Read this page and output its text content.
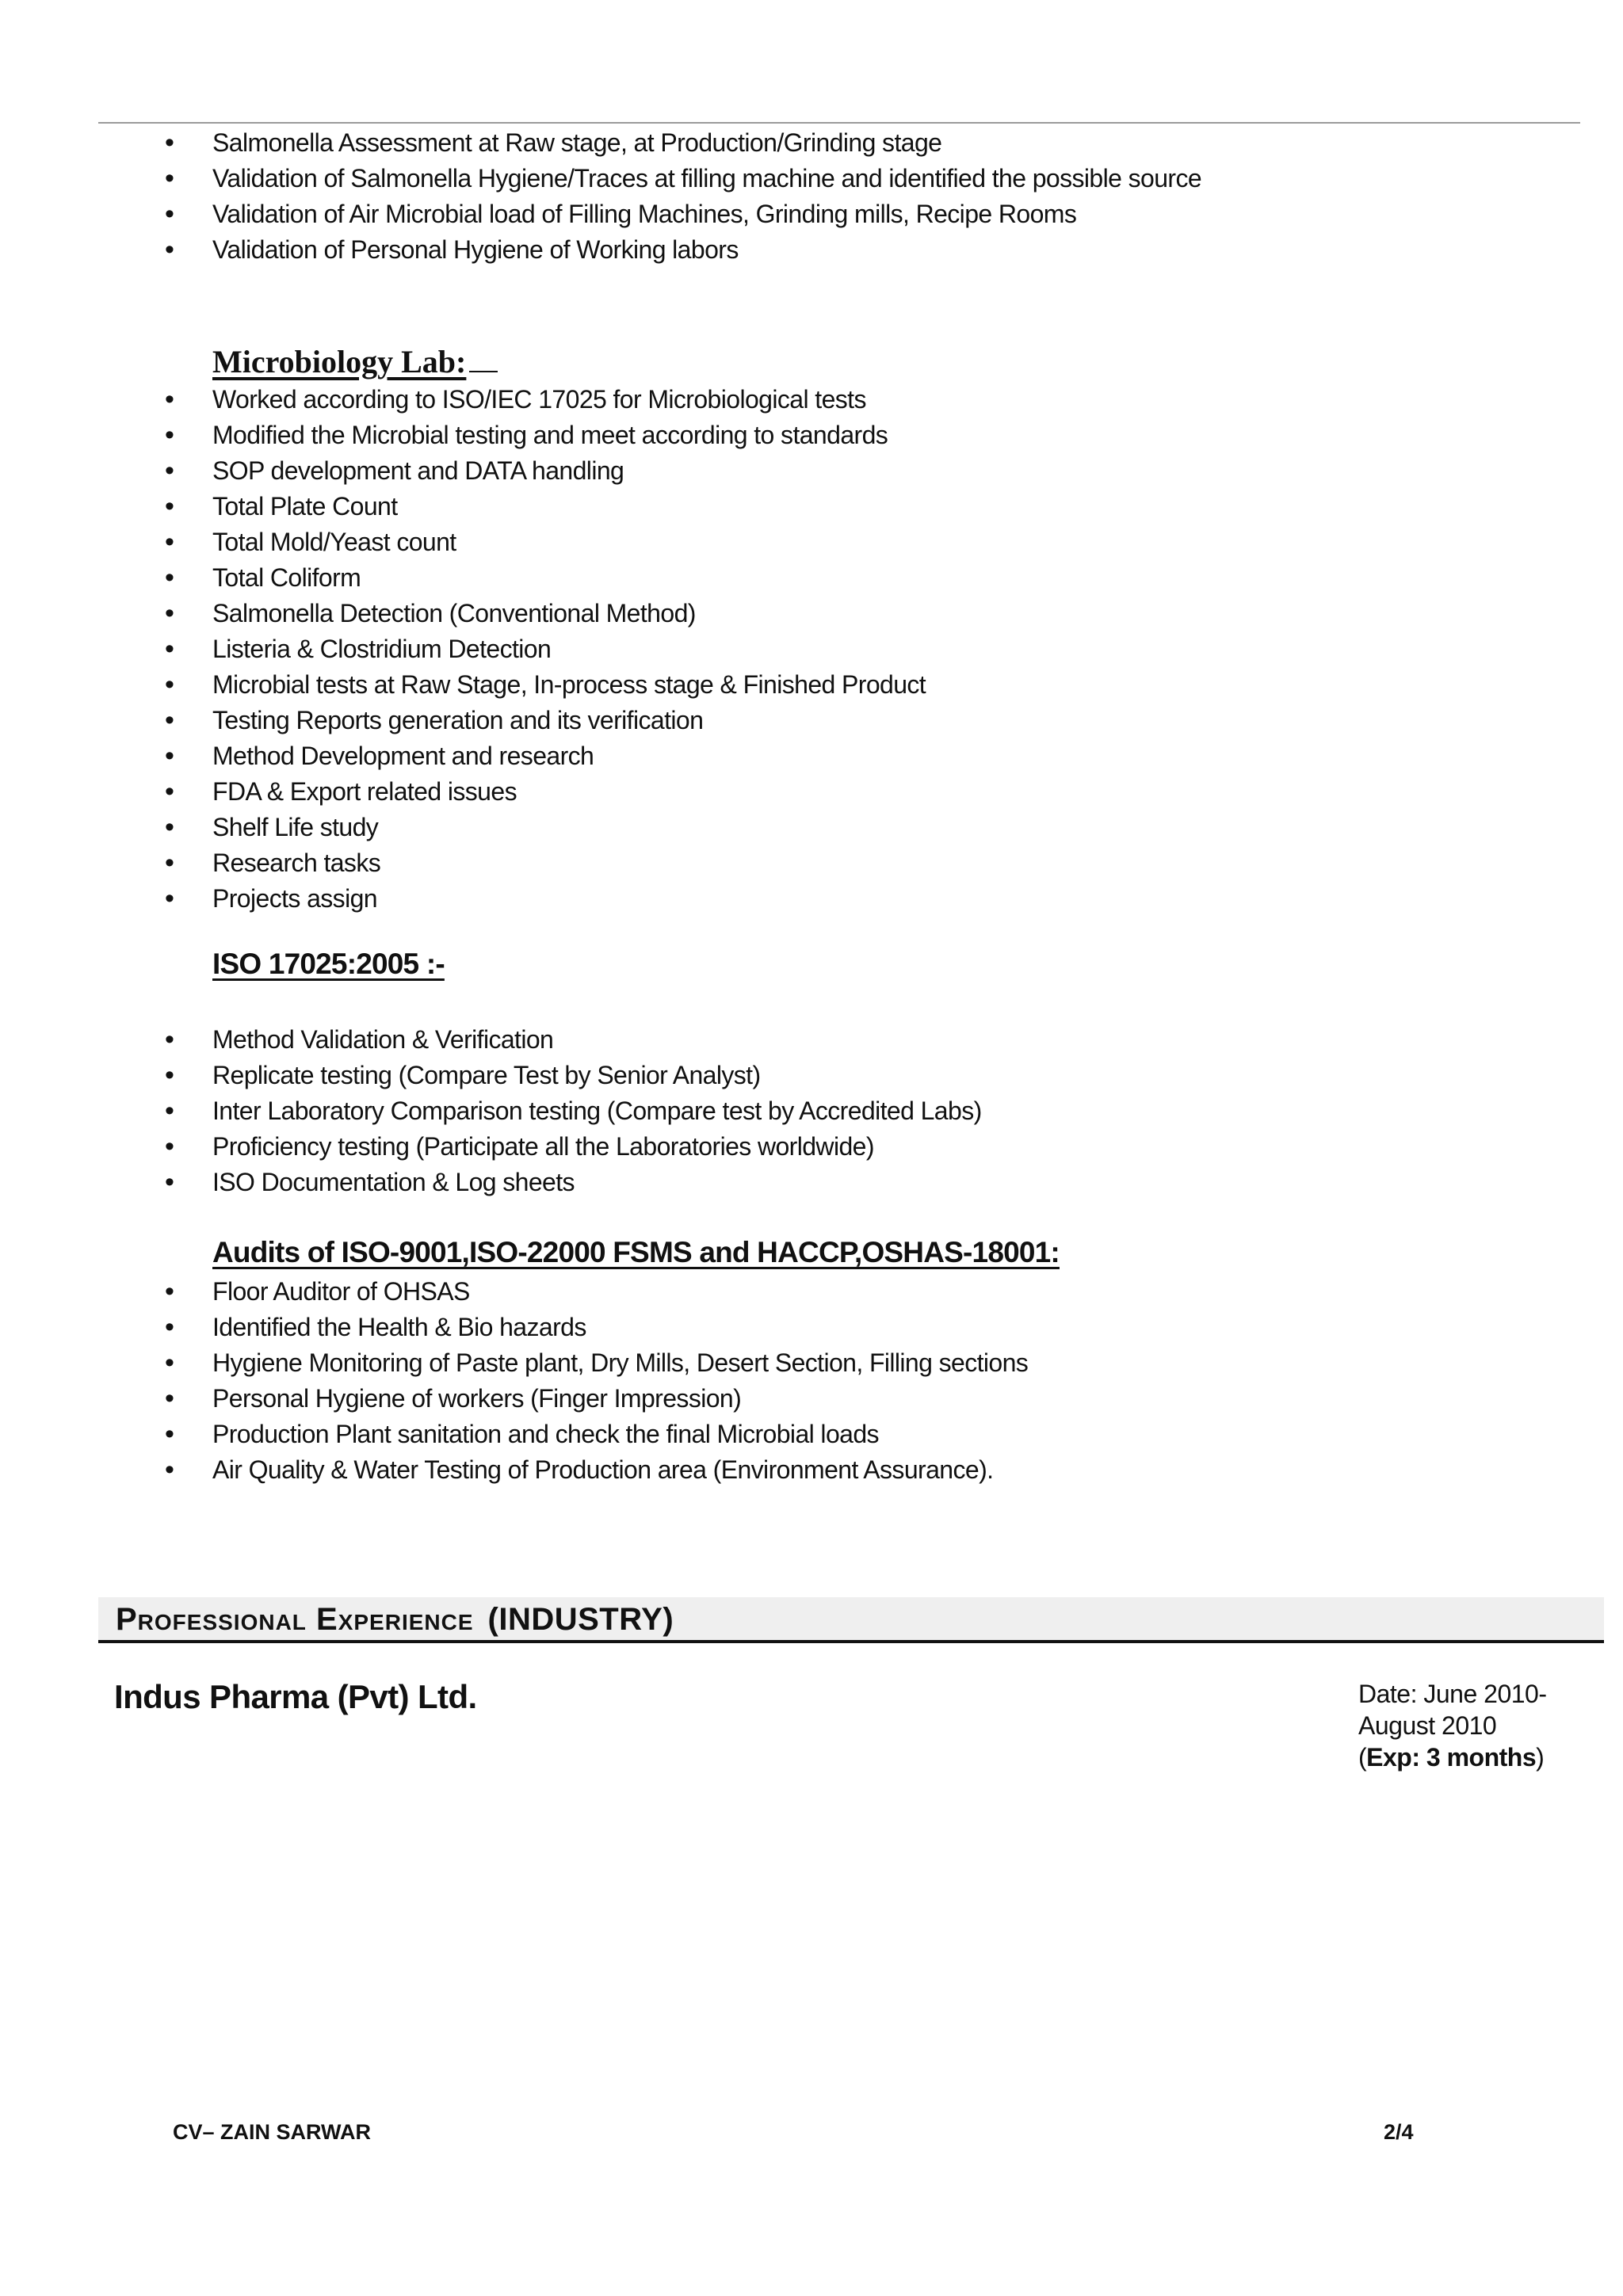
• Salmonella Assessment at Raw stage, at Production/Grinding stage
• Validation of Salmonella Hygiene/Traces at filling machine and identified the possible source
• Validation of Air Microbial load of Filling Machines, Grinding mills, Recipe Rooms
• Validation of Personal Hygiene of Working labors
Microbiology Lab:
• Worked according to ISO/IEC 17025 for Microbiological tests
• Modified the Microbial testing and meet according to standards
• SOP development and DATA handling
• Total Plate Count
• Total Mold/Yeast count
• Total Coliform
• Salmonella Detection (Conventional Method)
• Listeria & Clostridium Detection
• Microbial tests at Raw Stage, In-process stage & Finished Product
• Testing Reports generation and its verification
• Method Development and research
• FDA & Export related issues
• Shelf Life study
• Research tasks
• Projects assign
ISO 17025:2005 :-
• Method Validation & Verification
• Replicate testing (Compare Test by Senior Analyst)
• Inter Laboratory Comparison testing (Compare test by Accredited Labs)
• Proficiency testing (Participate all the Laboratories worldwide)
• ISO Documentation & Log sheets
Audits of ISO-9001,ISO-22000 FSMS and HACCP,OSHAS-18001:
• Floor Auditor of OHSAS
• Identified the Health & Bio hazards
• Hygiene Monitoring of Paste plant, Dry Mills, Desert Section, Filling sections
• Personal Hygiene of workers (Finger Impression)
• Production Plant sanitation and check the final Microbial loads
• Air Quality & Water Testing of Production area (Environment Assurance).
Professional Experience (INDUSTRY)
Indus Pharma (Pvt) Ltd.	Date: June 2010-
August 2010
(Exp: 3 months)
CV– ZAIN SARWAR	2/4
